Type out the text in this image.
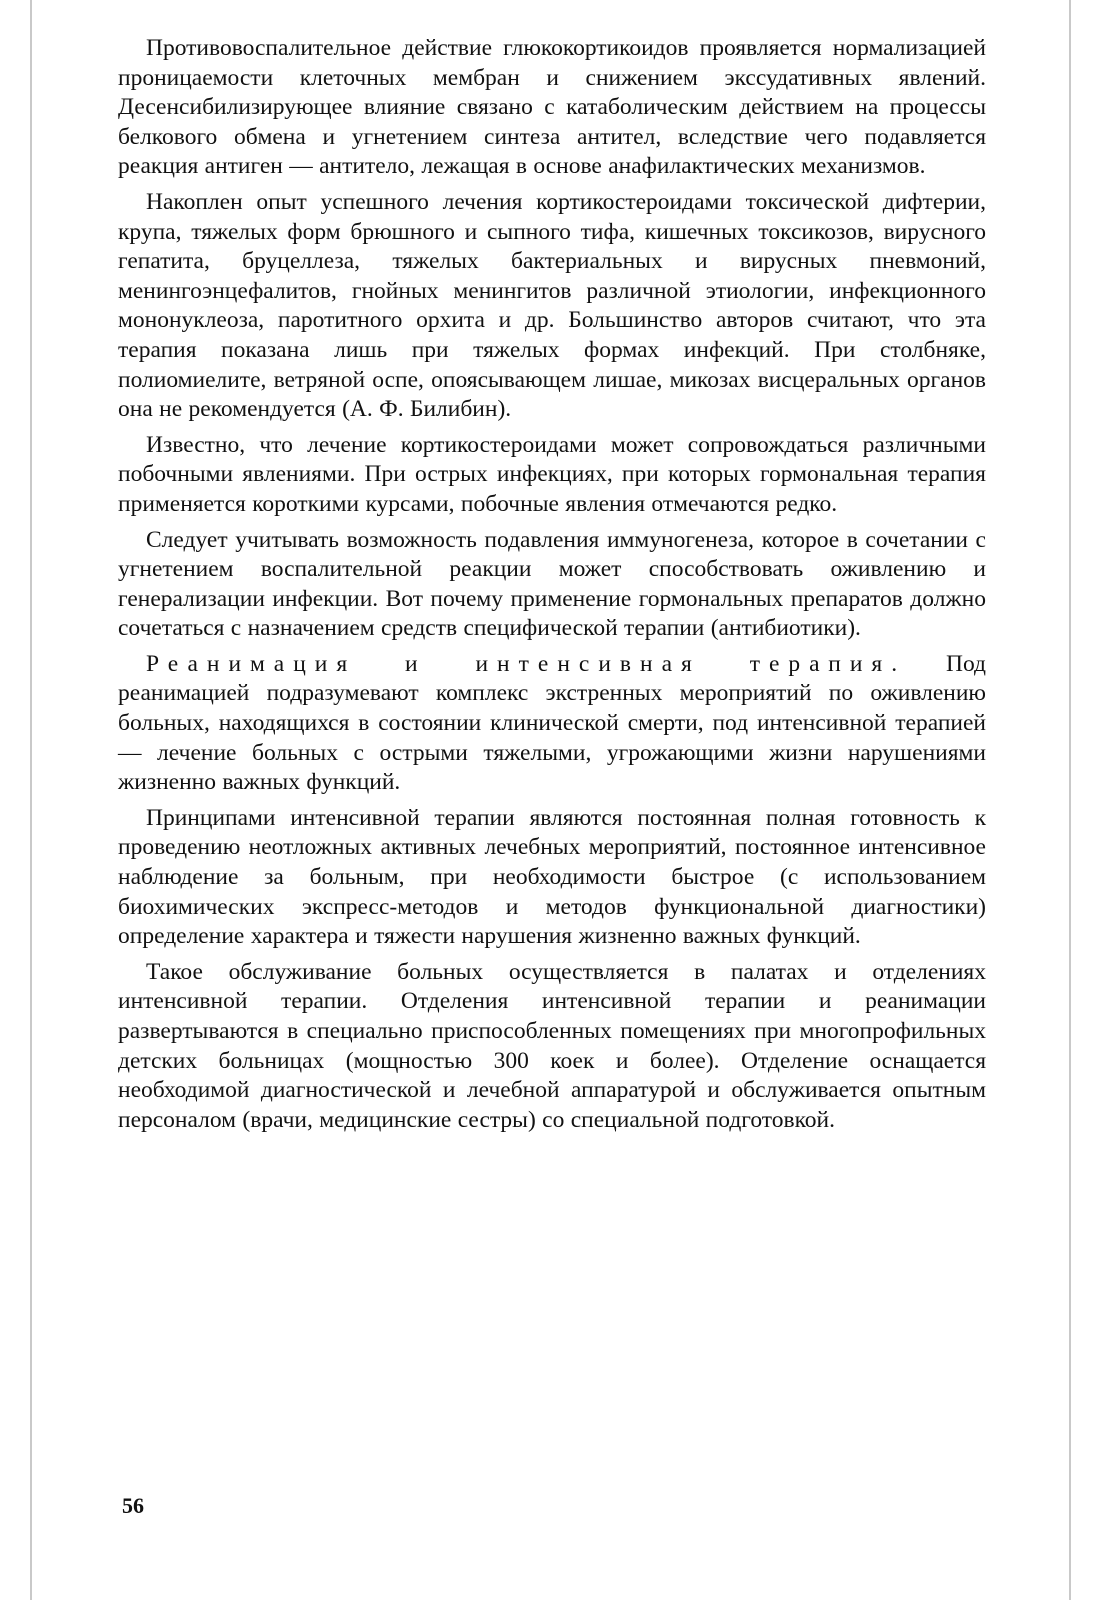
Противовоспалительное действие глюкокортикоидов проявляется нормализацией проницаемости клеточных мембран и снижением экссудативных явлений. Десенсибилизирующее влияние связано с катаболическим действием на процессы белкового обмена и угнетением синтеза антител, вследствие чего подавляется реакция антиген — антитело, лежащая в основе анафилактических механизмов.

Накоплен опыт успешного лечения кортикостероидами токсической дифтерии, крупа, тяжелых форм брюшного и сыпного тифа, кишечных токсикозов, вирусного гепатита, бруцеллеза, тяжелых бактериальных и вирусных пневмоний, менингоэнцефалитов, гнойных менингитов различной этиологии, инфекционного мононуклеоза, паротитного орхита и др. Большинство авторов считают, что эта терапия показана лишь при тяжелых формах инфекций. При столбняке, полиомиелите, ветряной оспе, опоясывающем лишае, микозах висцеральных органов она не рекомендуется (А. Ф. Билибин).

Известно, что лечение кортикостероидами может сопровождаться различными побочными явлениями. При острых инфекциях, при которых гормональная терапия применяется короткими курсами, побочные явления отмечаются редко.

Следует учитывать возможность подавления иммуногенеза, которое в сочетании с угнетением воспалительной реакции может способствовать оживлению и генерализации инфекции. Вот почему применение гормональных препаратов должно сочетаться с назначением средств специфической терапии (антибиотики).

Реанимация и интенсивная терапия. Под реанимацией подразумевают комплекс экстренных мероприятий по оживлению больных, находящихся в состоянии клинической смерти, под интенсивной терапией — лечение больных с острыми тяжелыми, угрожающими жизни нарушениями жизненно важных функций.

Принципами интенсивной терапии являются постоянная полная готовность к проведению неотложных активных лечебных мероприятий, постоянное интенсивное наблюдение за больным, при необходимости быстрое (с использованием биохимических экспресс-методов и методов функциональной диагностики) определение характера и тяжести нарушения жизненно важных функций.

Такое обслуживание больных осуществляется в палатах и отделениях интенсивной терапии. Отделения интенсивной терапии и реанимации развертываются в специально приспособленных помещениях при многопрофильных детских больницах (мощностью 300 коек и более). Отделение оснащается необходимой диагностической и лечебной аппаратурой и обслуживается опытным персоналом (врачи, медицинские сестры) со специальной подготовкой.

56
